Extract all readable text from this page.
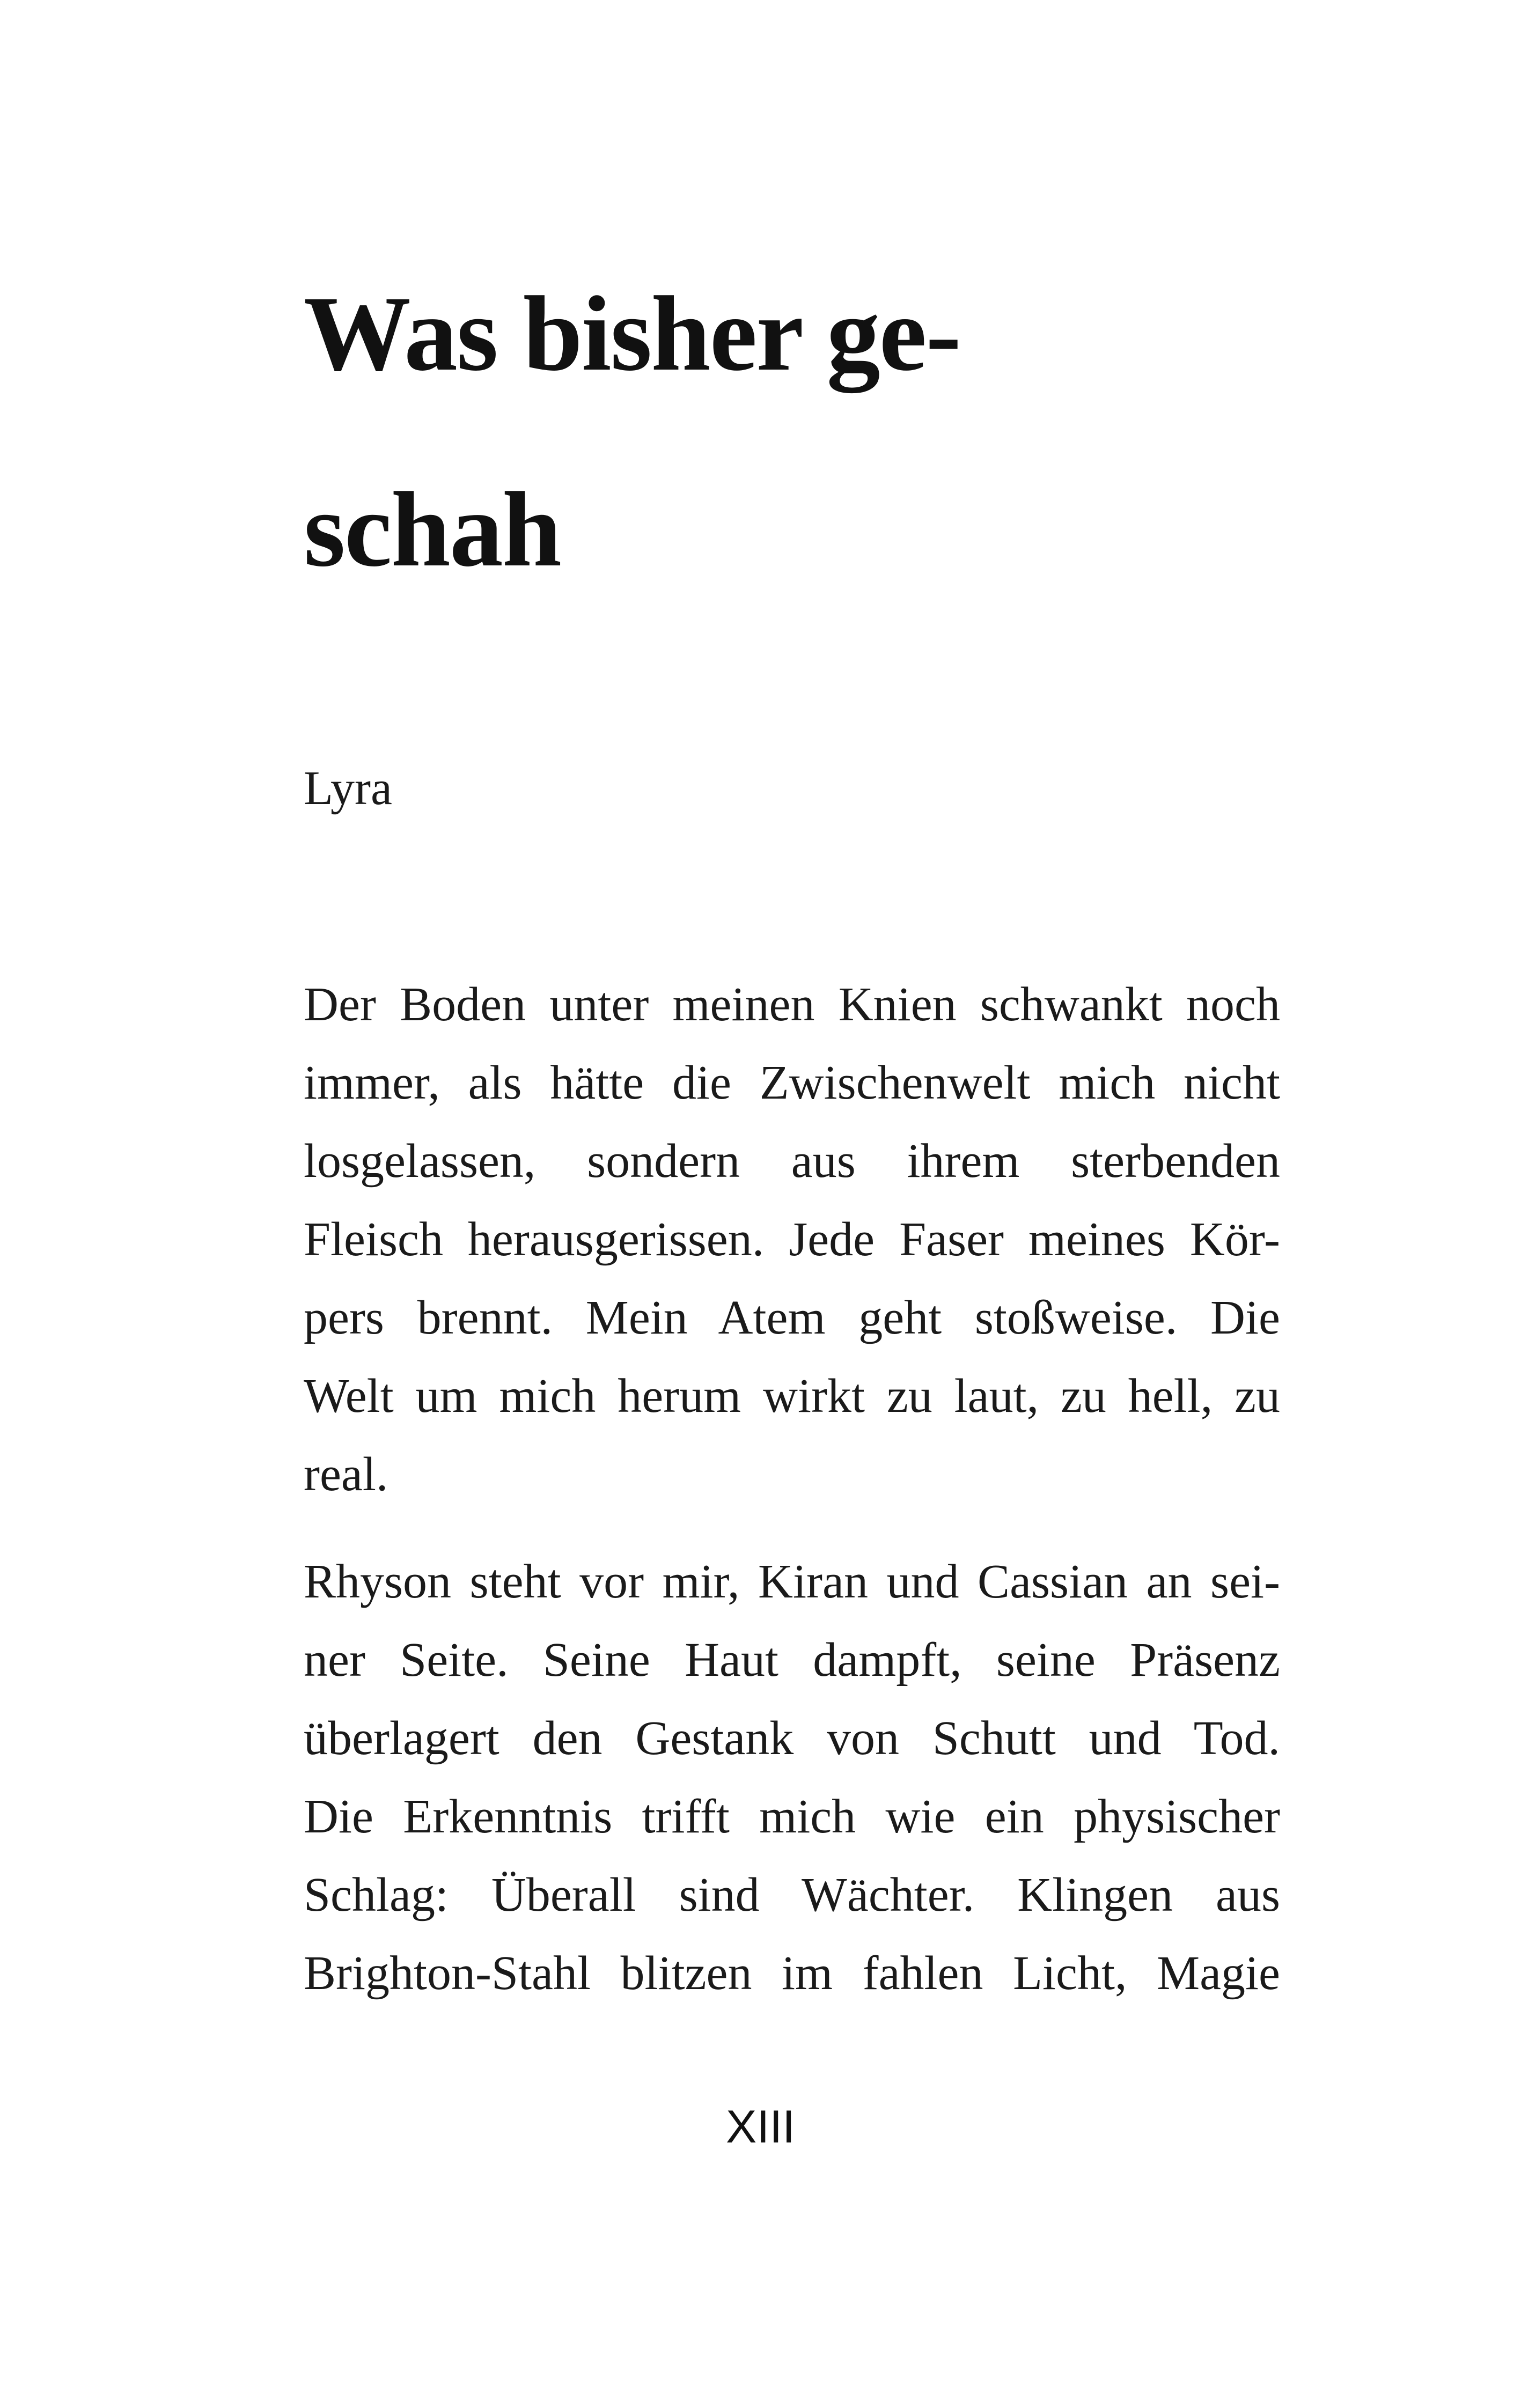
Was bisher ge-
schah

Lyra

Der Boden unter meinen Knien schwankt noch
immer, als hätte die Zwischenwelt mich nicht
losgelassen, sondern aus ihrem sterbenden
Fleisch herausgerissen. Jede Faser meines Kör-
pers brennt. Mein Atem geht stoßweise. Die
Welt um mich herum wirkt zu laut, zu hell, zu
real.

Rhyson steht vor mir, Kiran und Cassian an sei-
ner Seite. Seine Haut dampft, seine Präsenz
überlagert den Gestank von Schutt und Tod.
Die Erkenntnis trifft mich wie ein physischer
Schlag: Überall sind Wächter. Klingen aus
Brighton-Stahl blitzen im fahlen Licht, Magie

XIII
